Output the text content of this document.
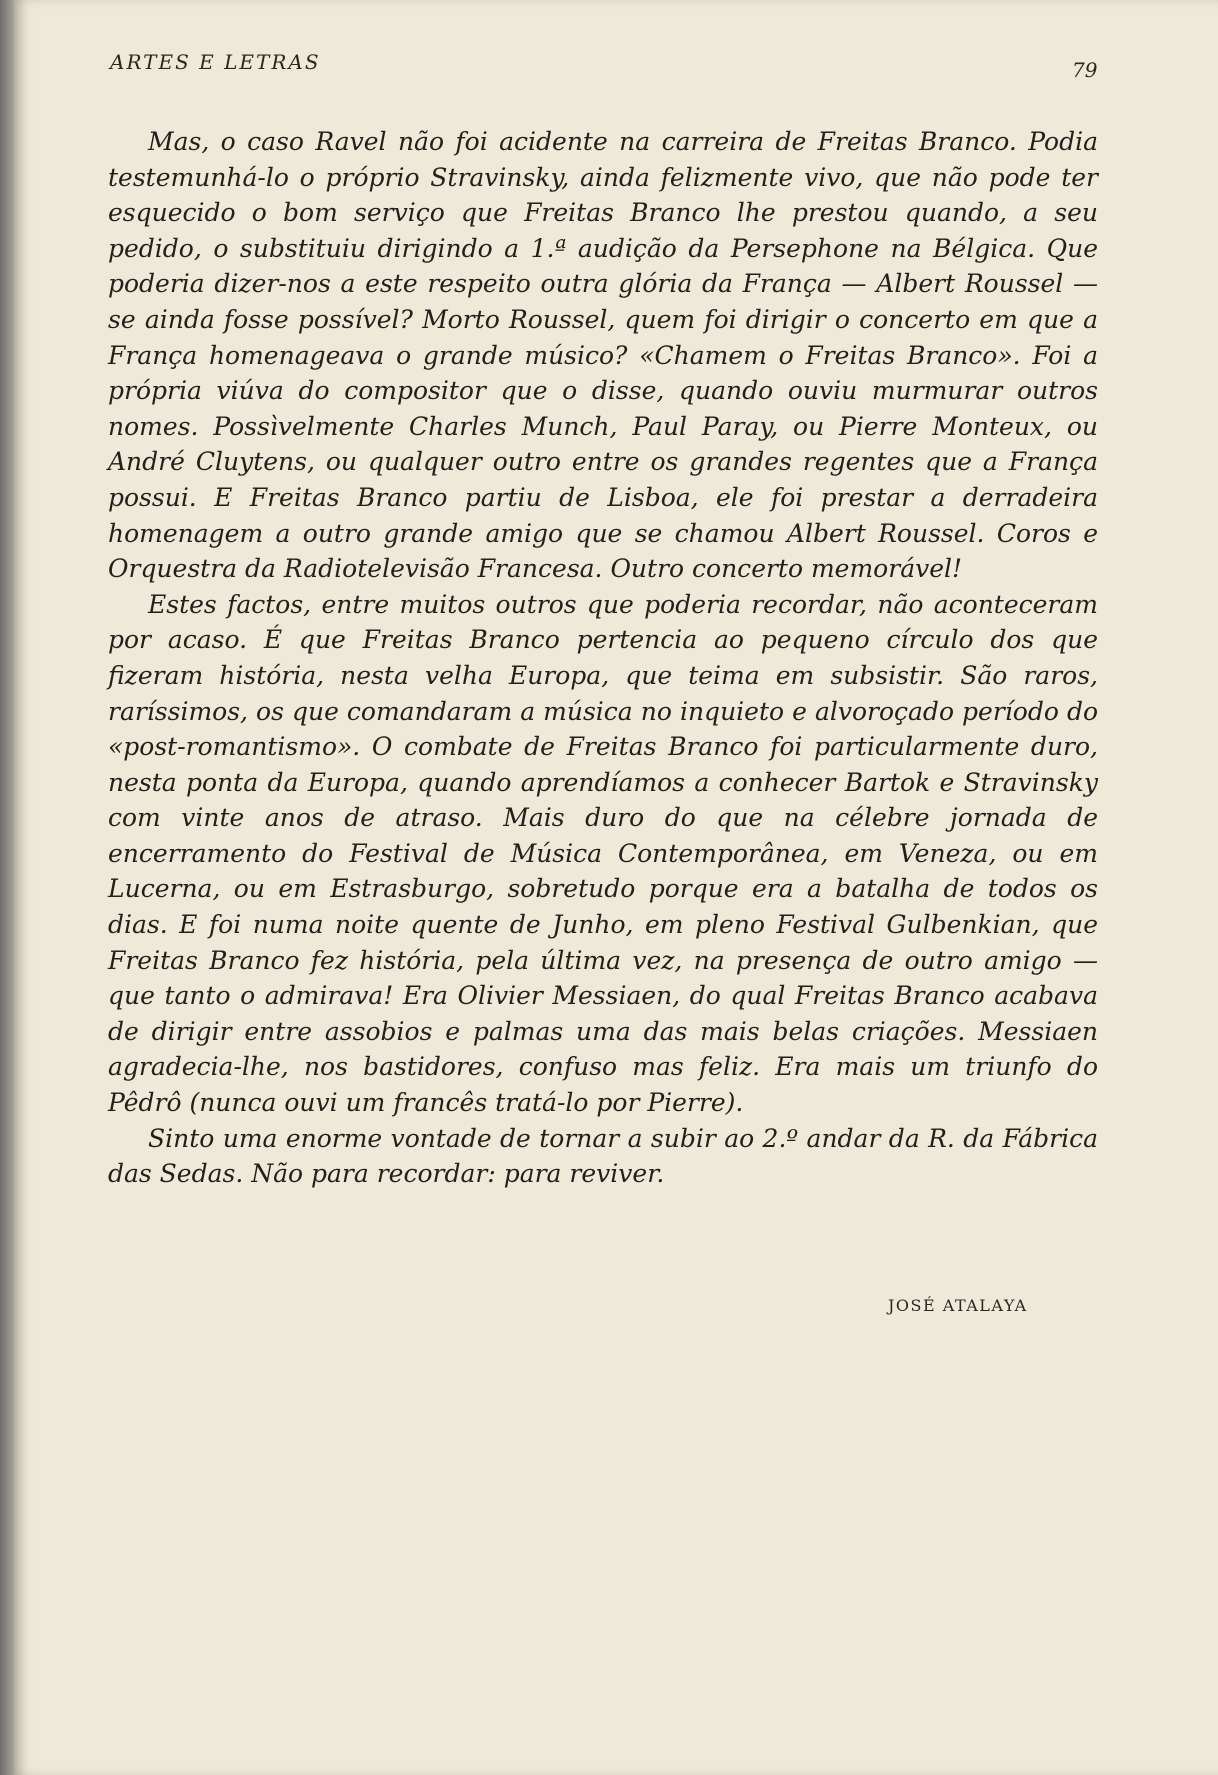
ARTES E LETRAS	79

Mas, o caso Ravel não foi acidente na carreira de Freitas Branco. Podia testemunhá-lo o próprio Stravinsky, ainda felizmente vivo, que não pode ter esquecido o bom serviço que Freitas Branco lhe prestou quando, a seu pedido, o substituiu dirigindo a 1.ª audição da Persephone na Bélgica. Que poderia dizer-nos a este respeito outra glória da França — Albert Roussel — se ainda fosse possível? Morto Roussel, quem foi dirigir o concerto em que a França homenageava o grande músico? «Chamem o Freitas Branco». Foi a própria viúva do compositor que o disse, quando ouviu murmurar outros nomes. Possìvelmente Charles Munch, Paul Paray, ou Pierre Monteux, ou André Cluytens, ou qualquer outro entre os grandes regentes que a França possui. E Freitas Branco partiu de Lisboa, ele foi prestar a derradeira homenagem a outro grande amigo que se chamou Albert Roussel. Coros e Orquestra da Radiotelevisão Francesa. Outro concerto memorável!

Estes factos, entre muitos outros que poderia recordar, não aconteceram por acaso. É que Freitas Branco pertencia ao pequeno círculo dos que fizeram história, nesta velha Europa, que teima em subsistir. São raros, raríssimos, os que comandaram a música no inquieto e alvoroçado período do «post-romantismo». O combate de Freitas Branco foi particularmente duro, nesta ponta da Europa, quando aprendíamos a conhecer Bartok e Stravinsky com vinte anos de atraso. Mais duro do que na célebre jornada de encerramento do Festival de Música Contemporânea, em Veneza, ou em Lucerna, ou em Estrasburgo, sobretudo porque era a batalha de todos os dias. E foi numa noite quente de Junho, em pleno Festival Gulbenkian, que Freitas Branco fez história, pela última vez, na presença de outro amigo — que tanto o admirava! Era Olivier Messiaen, do qual Freitas Branco acabava de dirigir entre assobios e palmas uma das mais belas criações. Messiaen agradecia-lhe, nos bastidores, confuso mas feliz. Era mais um triunfo do Pêdrô (nunca ouvi um francês tratá-lo por Pierre).

Sinto uma enorme vontade de tornar a subir ao 2.º andar da R. da Fábrica das Sedas. Não para recordar: para reviver.

JOSÉ ATALAYA
